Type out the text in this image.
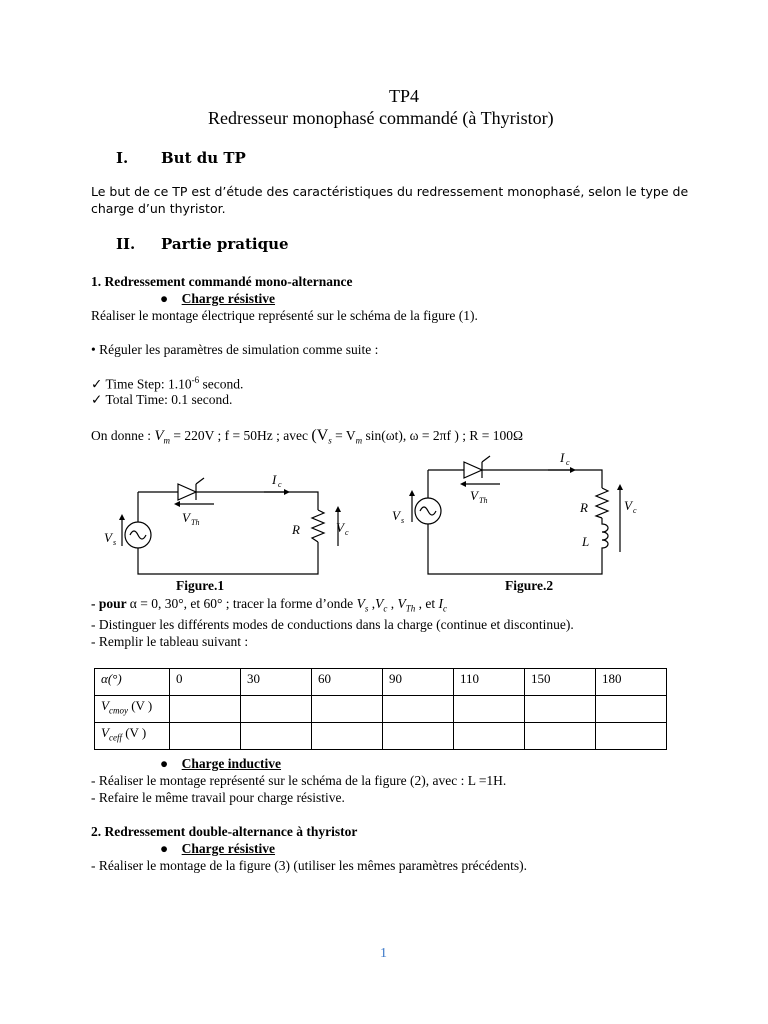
TP4
Redresseur monophasé commandé (à Thyristor)
I. But du TP
Le but de ce TP est d’étude des caractéristiques du redressement monophasé, selon le type de
charge d’un thyristor.
II. Partie pratique
1. Redressement commandé mono-alternance
● Charge résistive
Réaliser le montage électrique représenté sur le schéma de la figure (1).
• Réguler les paramètres de simulation comme suite :
✓ Time Step: $1.10^{-6}$ second.
✓ Total Time: 0.1 second.
On donne : $V_m = 220V$ ; f = 50Hz ; avec ($V_s = V_m$ sin(ωt), ω = 2πf ) ; R = 100Ω
I c
V Th
V s
R	V c
I c
V Th
V s
R
L
V c
Figure.1	Figure.2
- pour α = 0, 30°, et 60° ; tracer la forme d’onde $V_s$ $,V_c$ , $V_{Th}$ , et $I_c$
- Distinguer les différents modes de conductions dans la charge (continue et discontinue).
- Remplir le tableau suivant :
α(°)	0	30	60	90	110	150	180
$V_{cmoy}$ (V )							
$V_{ceff}$ (V )							
● Charge inductive
- Réaliser le montage représenté sur le schéma de la figure (2), avec : L =1H.
- Refaire le même travail pour charge résistive.
2. Redressement double-alternance à thyristor
● Charge résistive
- Réaliser le montage de la figure (3) (utiliser les mêmes paramètres précédents).
1
